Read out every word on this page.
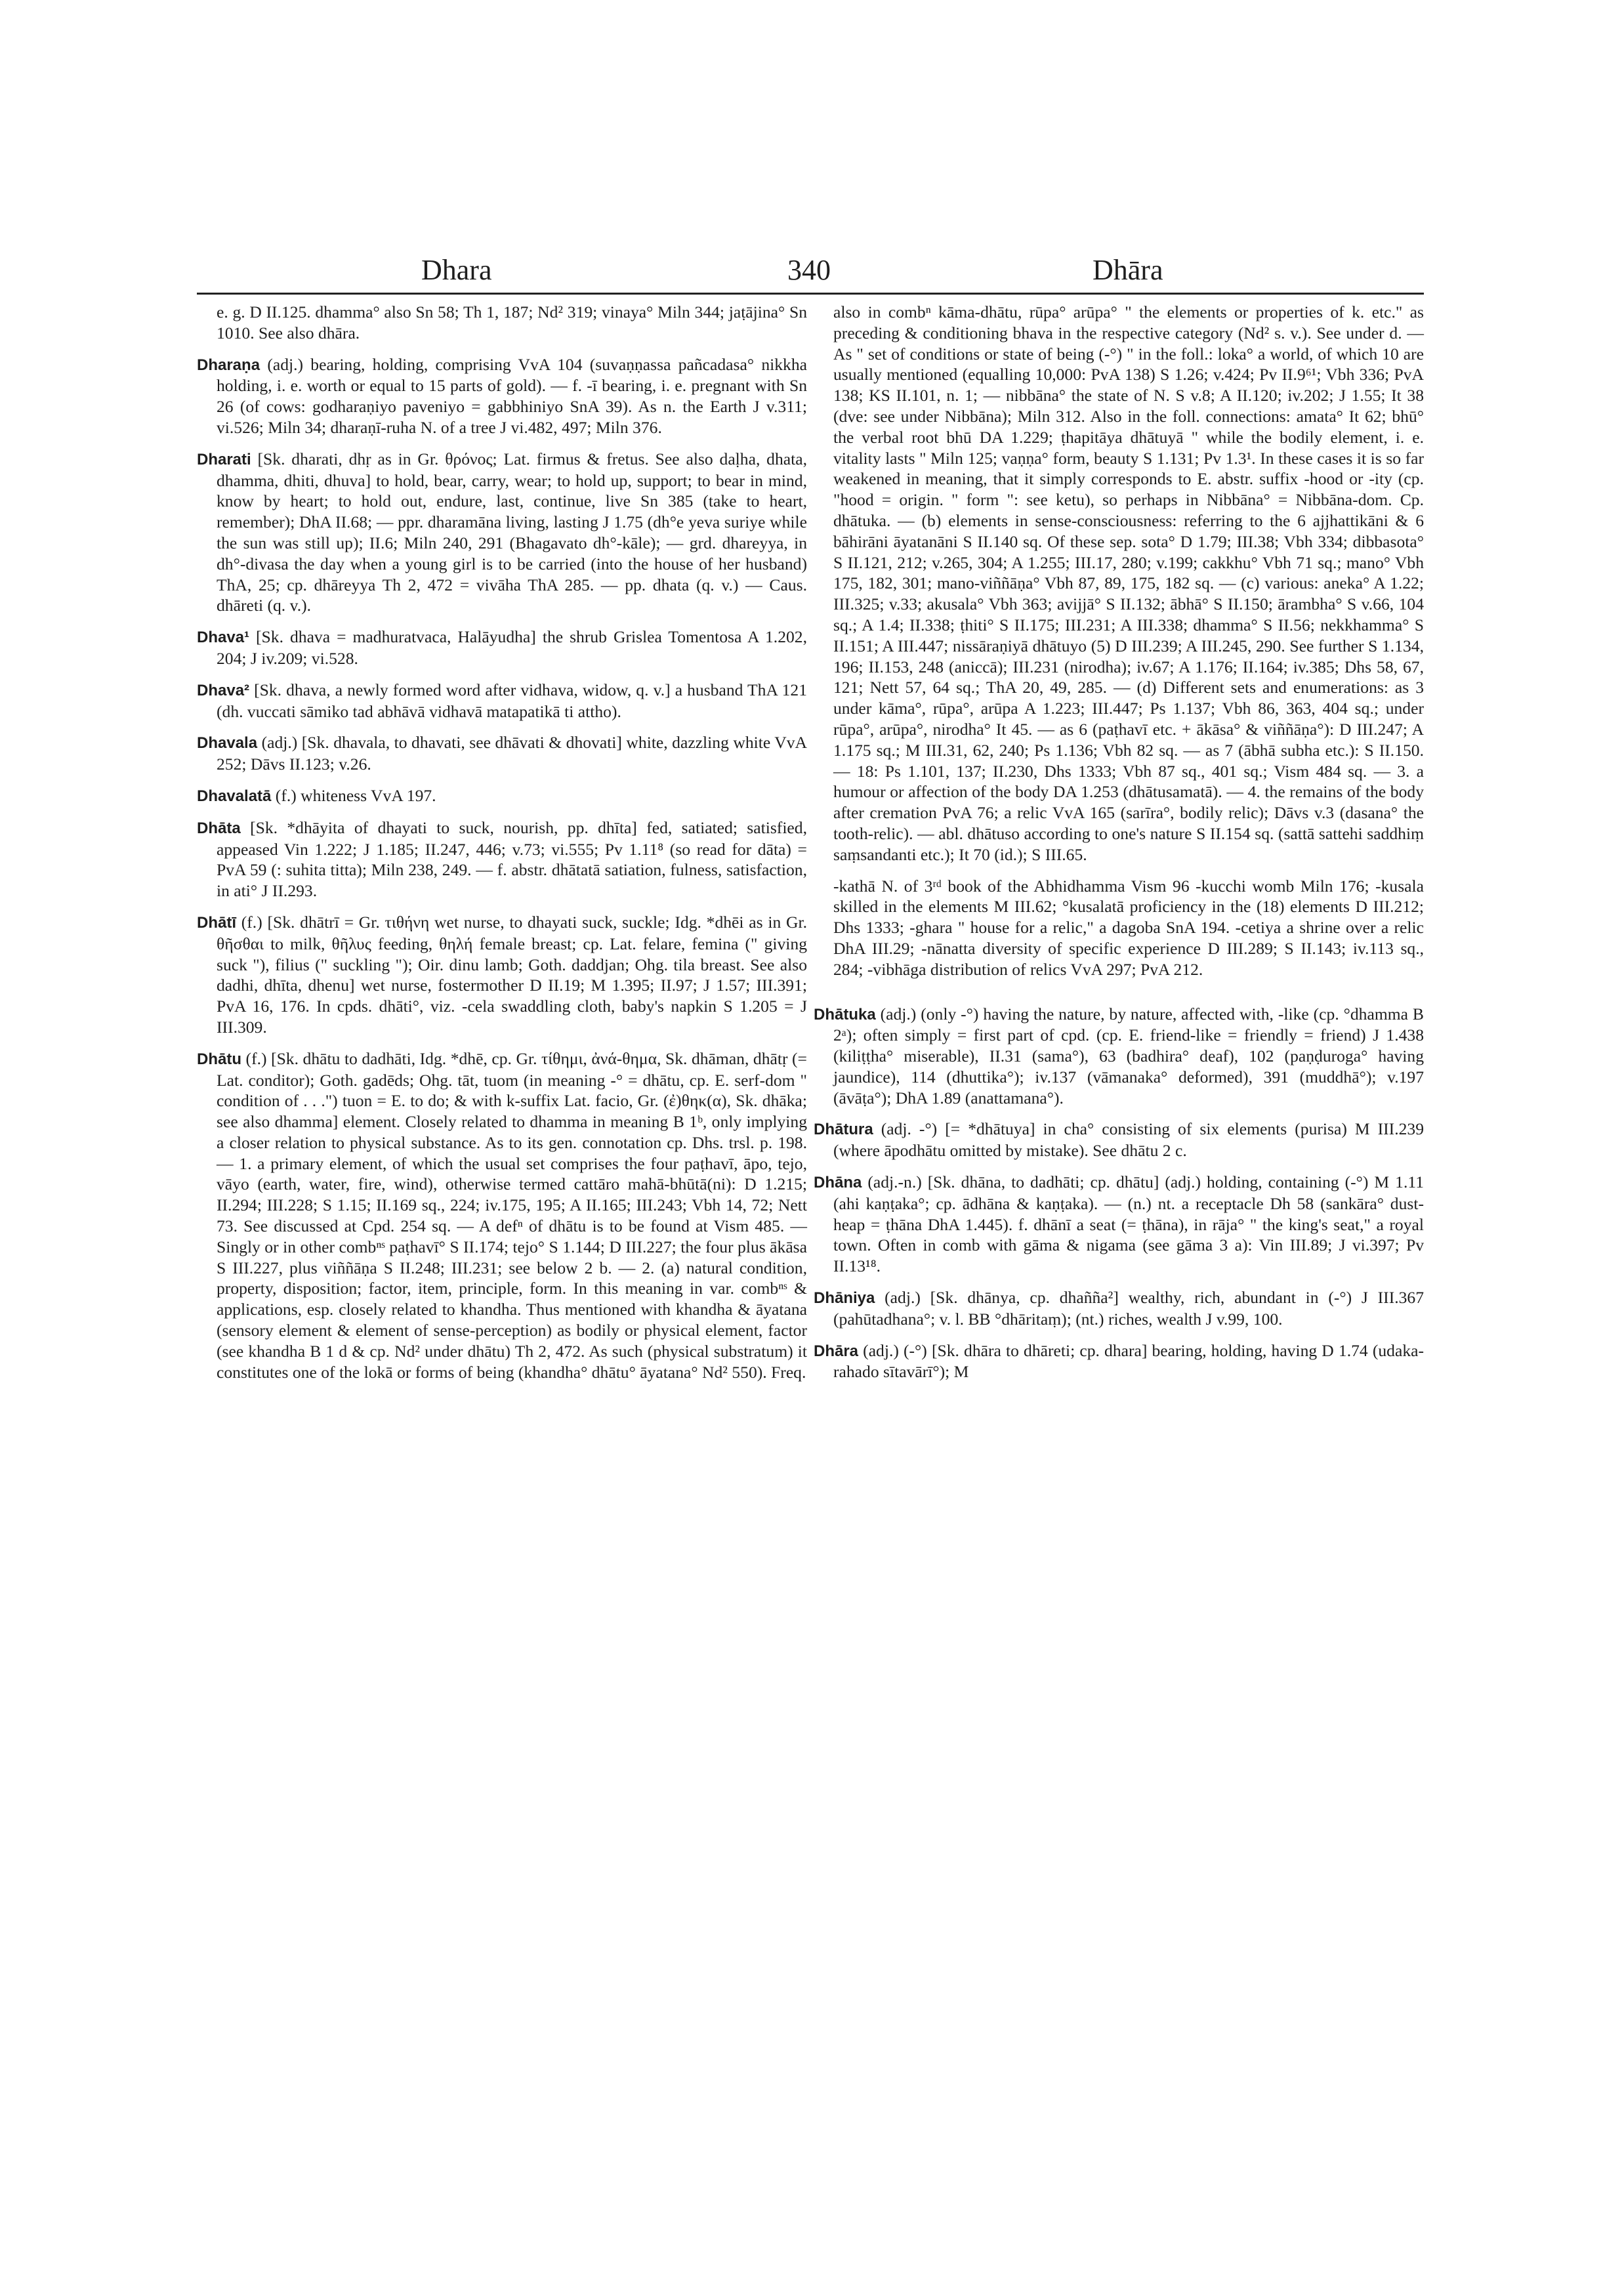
Dhara	340	Dhāra
e. g. D II.125. dhamma° also Sn 58; Th 1, 187; Nd² 319; vinaya° Miln 344; jaṭājina° Sn 1010. See also dhāra.
Dharaṇa (adj.) bearing, holding, comprising VvA 104 (suvaṇṇassa pañcadasa° nikkha holding, i. e. worth or equal to 15 parts of gold). — f. -ī bearing, i. e. pregnant with Sn 26 (of cows: godharaṇiyo paveniyo = gabbhiniyo SnA 39). As n. the Earth J v.311; vi.526; Miln 34; dharaṇī-ruha N. of a tree J vi.482, 497; Miln 376.
Dharati [Sk. dharati, dhṛ as in Gr. θρόνος; Lat. firmus & fretus. See also daḷha, dhata, dhamma, dhiti, dhuva] to hold, bear, carry, wear; to hold up, support; to bear in mind, know by heart; to hold out, endure, last, continue, live Sn 385 (take to heart, remember); DhA II.68; — ppr. dharamāna living, lasting J 1.75 (dh°e yeva suriye while the sun was still up); II.6; Miln 240, 291 (Bhagavato dh°-kāle); — grd. dhareyya, in dh°-divasa the day when a young girl is to be carried (into the house of her husband) ThA, 25; cp. dhāreyya Th 2, 472 = vivāha ThA 285. — pp. dhata (q. v.) — Caus. dhāreti (q. v.).
Dhava¹ [Sk. dhava = madhuratvaca, Halāyudha] the shrub Grislea Tomentosa A 1.202, 204; J iv.209; vi.528.
Dhava² [Sk. dhava, a newly formed word after vidhava, widow, q. v.] a husband ThA 121 (dh. vuccati sāmiko tad abhāvā vidhavā matapatikā ti attho).
Dhavala (adj.) [Sk. dhavala, to dhavati, see dhāvati & dhovati] white, dazzling white VvA 252; Dāvs II.123; v.26.
Dhavalatā (f.) whiteness VvA 197.
Dhāta [Sk. *dhāyita of dhayati to suck, nourish, pp. dhīta] fed, satiated; satisfied, appeased Vin 1.222; J 1.185; II.247, 446; v.73; vi.555; Pv 1.11⁸ (so read for dāta) = PvA 59 (: suhita titta); Miln 238, 249. — f. abstr. dhātatā satiation, fulness, satisfaction, in ati° J II.293.
Dhātī (f.) [Sk. dhātrī = Gr. τιθήνη wet nurse, to dhayati suck, suckle; Idg. *dhēi as in Gr. θῆσθαι to milk, θῆλυς feeding, θηλή female breast; cp. Lat. felare, femina (" giving suck "), filius (" suckling "); Oir. dinu lamb; Goth. daddjan; Ohg. tila breast. See also dadhi, dhīta, dhenu] wet nurse, fostermother D II.19; M 1.395; II.97; J 1.57; III.391; PvA 16, 176. In cpds. dhāti°, viz. -cela swaddling cloth, baby's napkin S 1.205 = J III.309.
Dhātu (f.) [Sk. dhātu to dadhāti, Idg. *dhē, cp. Gr. τίθημι, ἀνά-θημα, Sk. dhāman, dhātṛ (= Lat. conditor); Goth. gadēds; Ohg. tāt, tuom (in meaning -° = dhātu, cp. E. serf-dom " condition of . . .") tuon = E. to do; & with k-suffix Lat. facio, Gr. (ἐ)θηκ(α), Sk. dhāka; see also dhamma] element. Closely related to dhamma in meaning B 1ᵇ, only implying a closer relation to physical substance. As to its gen. connotation cp. Dhs. trsl. p. 198. — 1. a primary element, of which the usual set comprises the four paṭhavī, āpo, tejo, vāyo (earth, water, fire, wind), otherwise termed cattāro mahā-bhūtā(ni): D 1.215; II.294; III.228; S 1.15; II.169 sq., 224; iv.175, 195; A II.165; III.243; Vbh 14, 72; Nett 73. See discussed at Cpd. 254 sq. — A defⁿ of dhātu is to be found at Vism 485. — Singly or in other combⁿˢ paṭhavī° S II.174; tejo° S 1.144; D III.227; the four plus ākāsa S III.227, plus viññāṇa S II.248; III.231; see below 2 b. — 2. (a) natural condition, property, disposition; factor, item, principle, form. In this meaning in var. combⁿˢ & applications, esp. closely related to khandha. Thus mentioned with khandha & āyatana (sensory element & element of sense-perception) as bodily or physical element, factor (see khandha B 1 d & cp. Nd² under dhātu) Th 2, 472. As such (physical substratum) it constitutes one of the lokā or forms of being (khandha° dhātu° āyatana° Nd² 550). Freq.
also in combⁿ kāma-dhātu, rūpa° arūpa° " the elements or properties of k. etc." as preceding & conditioning bhava in the respective category (Nd² s. v.). See under d. — As " set of conditions or state of being (-°) " in the foll.: loka° a world, of which 10 are usually mentioned (equalling 10,000: PvA 138) S 1.26; v.424; Pv II.9⁶¹; Vbh 336; PvA 138; KS II.101, n. 1; — nibbāna° the state of N. S v.8; A II.120; iv.202; J 1.55; It 38 (dve: see under Nibbāna); Miln 312. Also in the foll. connections: amata° It 62; bhū° the verbal root bhū DA 1.229; ṭhapitāya dhātuyā " while the bodily element, i. e. vitality lasts " Miln 125; vaṇṇa° form, beauty S 1.131; Pv 1.3¹. In these cases it is so far weakened in meaning, that it simply corresponds to E. abstr. suffix -hood or -ity (cp. "hood = origin. " form ": see ketu), so perhaps in Nibbāna° = Nibbāna-dom. Cp. dhātuka. — (b) elements in sense-consciousness: referring to the 6 ajjhattikāni & 6 bāhirāni āyatanāni S II.140 sq. Of these sep. sota° D 1.79; III.38; Vbh 334; dibbasota° S II.121, 212; v.265, 304; A 1.255; III.17, 280; v.199; cakkhu° Vbh 71 sq.; mano° Vbh 175, 182, 301; mano-viññāṇa° Vbh 87, 89, 175, 182 sq. — (c) various: aneka° A 1.22; III.325; v.33; akusala° Vbh 363; avijjā° S II.132; ābhā° S II.150; ārambha° S v.66, 104 sq.; A 1.4; II.338; ṭhiti° S II.175; III.231; A III.338; dhamma° S II.56; nekkhamma° S II.151; A III.447; nissāraṇiyā dhātuyo (5) D III.239; A III.245, 290. See further S 1.134, 196; II.153, 248 (aniccā); III.231 (nirodha); iv.67; A 1.176; II.164; iv.385; Dhs 58, 67, 121; Nett 57, 64 sq.; ThA 20, 49, 285. — (d) Different sets and enumerations: as 3 under kāma°, rūpa°, arūpa A 1.223; III.447; Ps 1.137; Vbh 86, 363, 404 sq.; under rūpa°, arūpa°, nirodha° It 45. — as 6 (paṭhavī etc. + ākāsa° & viññāṇa°): D III.247; A 1.175 sq.; M III.31, 62, 240; Ps 1.136; Vbh 82 sq. — as 7 (ābhā subha etc.): S II.150. — 18: Ps 1.101, 137; II.230, Dhs 1333; Vbh 87 sq., 401 sq.; Vism 484 sq. — 3. a humour or affection of the body DA 1.253 (dhātusamatā). — 4. the remains of the body after cremation PvA 76; a relic VvA 165 (sarīra°, bodily relic); Dāvs v.3 (dasana° the tooth-relic). — abl. dhātuso according to one's nature S II.154 sq. (sattā sattehi saddhiṃ saṃsandanti etc.); It 70 (id.); S III.65.
-kathā N. of 3ʳᵈ book of the Abhidhamma Vism 96 -kucchi womb Miln 176; -kusala skilled in the elements M III.62; °kusalatā proficiency in the (18) elements D III.212; Dhs 1333; -ghara " house for a relic," a dagoba SnA 194. -cetiya a shrine over a relic DhA III.29; -nānatta diversity of specific experience D III.289; S II.143; iv.113 sq., 284; -vibhāga distribution of relics VvA 297; PvA 212.
Dhātuka (adj.) (only -°) having the nature, by nature, affected with, -like (cp. °dhamma B 2ᵃ); often simply = first part of cpd. (cp. E. friend-like = friendly = friend) J 1.438 (kiliṭṭha° miserable), II.31 (sama°), 63 (badhira° deaf), 102 (paṇḍuroga° having jaundice), 114 (dhuttika°); iv.137 (vāmanaka° deformed), 391 (muddhā°); v.197 (āvāṭa°); DhA 1.89 (anattamana°).
Dhātura (adj. -°) [= *dhātuya] in cha° consisting of six elements (purisa) M III.239 (where āpodhātu omitted by mistake). See dhātu 2 c.
Dhāna (adj.-n.) [Sk. dhāna, to dadhāti; cp. dhātu] (adj.) holding, containing (-°) M 1.11 (ahi kaṇṭaka°; cp. ādhāna & kaṇṭaka). — (n.) nt. a receptacle Dh 58 (sankāra° dust-heap = ṭhāna DhA 1.445). f. dhānī a seat (= ṭhāna), in rāja° " the king's seat," a royal town. Often in comb with gāma & nigama (see gāma 3 a): Vin III.89; J vi.397; Pv II.13¹⁸.
Dhāniya (adj.) [Sk. dhānya, cp. dhañña²] wealthy, rich, abundant in (-°) J III.367 (pahūtadhana°; v. l. BB °dhāritaṃ); (nt.) riches, wealth J v.99, 100.
Dhāra (adj.) (-°) [Sk. dhāra to dhāreti; cp. dhara] bearing, holding, having D 1.74 (udaka-rahado sītavārī°); M
